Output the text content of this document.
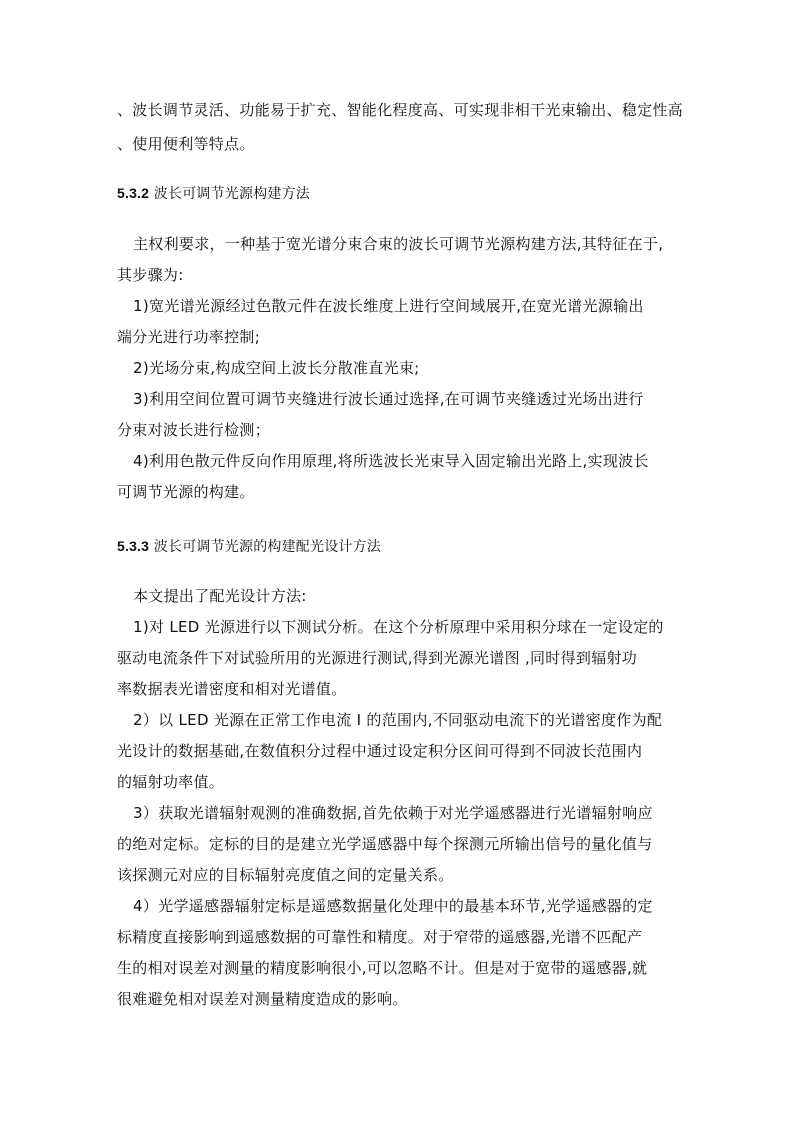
、波长调节灵活、功能易于扩充、智能化程度高、可实现非相干光束输出、稳定性高
、使用便利等特点。
5.3.2 波长可调节光源构建方法
主权利要求，一种基于宽光谱分束合束的波长可调节光源构建方法,其特征在于,
其步骤为:
1)宽光谱光源经过色散元件在波长维度上进行空间域展开,在宽光谱光源输出
端分光进行功率控制;
2)光场分束,构成空间上波长分散准直光束;
3)利用空间位置可调节夹缝进行波长通过选择,在可调节夹缝透过光场出进行
分束对波长进行检测；
4)利用色散元件反向作用原理,将所选波长光束导入固定输出光路上,实现波长
可调节光源的构建。
5.3.3 波长可调节光源的构建配光设计方法
本文提出了配光设计方法:
1)对 LED 光源进行以下测试分析。在这个分析原理中采用积分球在一定设定的
驱动电流条件下对试验所用的光源进行测试,得到光源光谱图 ,同时得到辐射功
率数据表光谱密度和相对光谱值。
2）以 LED 光源在正常工作电流 I 的范围内,不同驱动电流下的光谱密度作为配
光设计的数据基础,在数值积分过程中通过设定积分区间可得到不同波长范围内
的辐射功率值。
3）获取光谱辐射观测的准确数据,首先依赖于对光学遥感器进行光谱辐射响应
的绝对定标。定标的目的是建立光学遥感器中每个探测元所输出信号的量化值与
该探测元对应的目标辐射亮度值之间的定量关系。
4）光学遥感器辐射定标是遥感数据量化处理中的最基本环节,光学遥感器的定
标精度直接影响到遥感数据的可靠性和精度。对于窄带的遥感器,光谱不匹配产
生的相对误差对测量的精度影响很小,可以忽略不计。但是对于宽带的遥感器,就
很难避免相对误差对测量精度造成的影响。
